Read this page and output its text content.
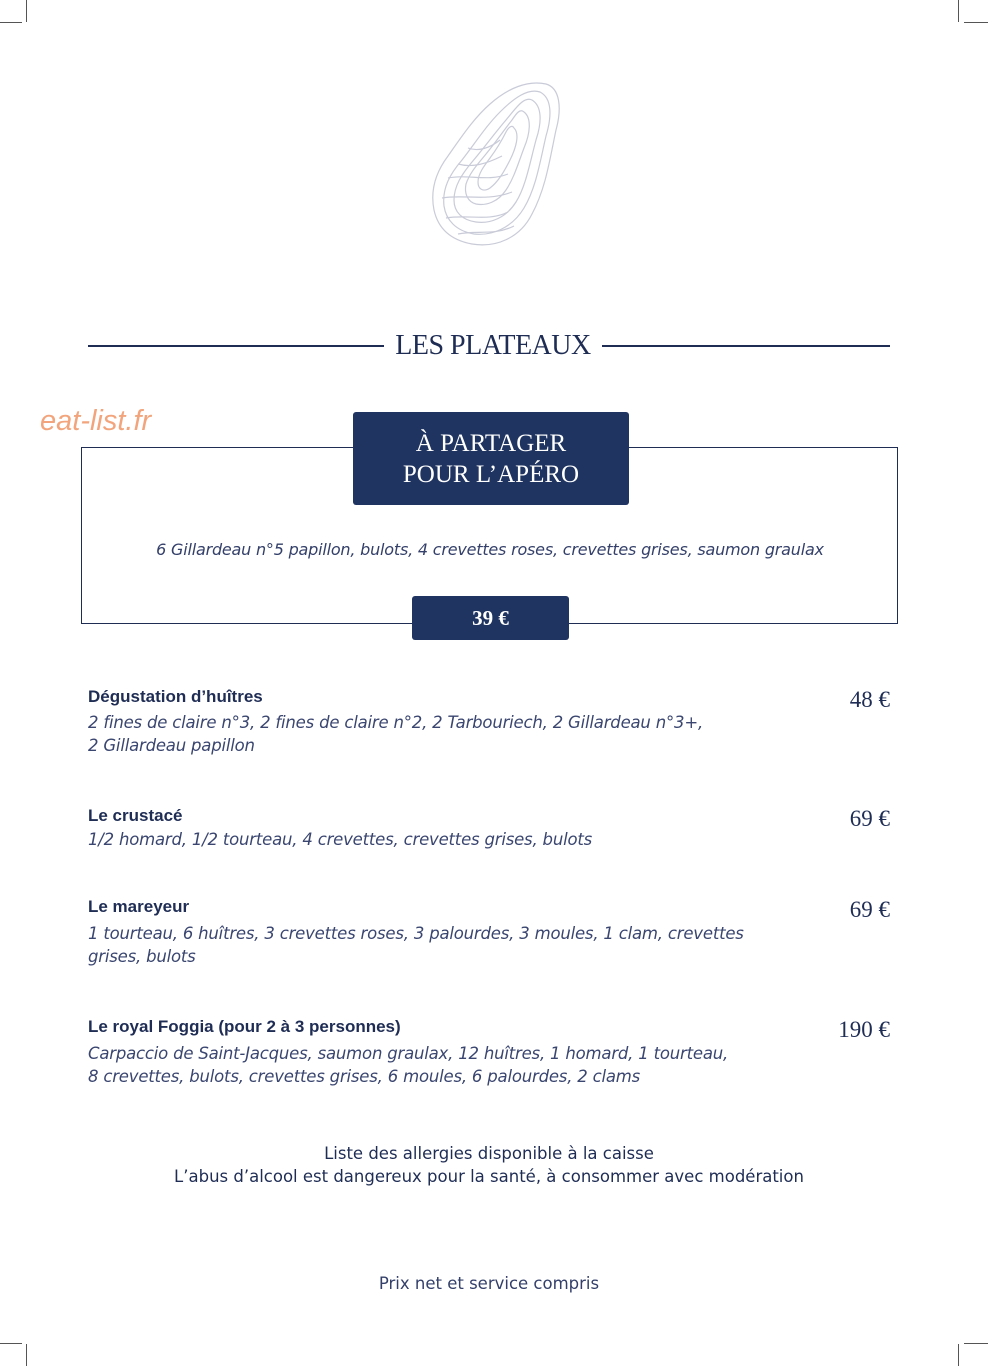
LES PLATEAUX
eat-list.fr
À PARTAGER
POUR L’APÉRO
6 Gillardeau n°5 papillon, bulots, 4 crevettes roses, crevettes grises, saumon graulax
39 €
Dégustation d’huîtres
2 fines de claire n°3, 2 fines de claire n°2, 2 Tarbouriech, 2 Gillardeau n°3+,
2 Gillardeau papillon
48 €
Le crustacé
1/2 homard, 1/2 tourteau, 4 crevettes, crevettes grises, bulots
69 €
Le mareyeur
1 tourteau, 6 huîtres, 3 crevettes roses, 3 palourdes, 3 moules, 1 clam, crevettes
grises, bulots
69 €
Le royal Foggia (pour 2 à 3 personnes)
Carpaccio de Saint-Jacques, saumon graulax, 12 huîtres, 1 homard, 1 tourteau,
8 crevettes, bulots, crevettes grises, 6 moules, 6 palourdes, 2 clams
190 €
Liste des allergies disponible à la caisse
L’abus d’alcool est dangereux pour la santé, à consommer avec modération
Prix net et service compris
